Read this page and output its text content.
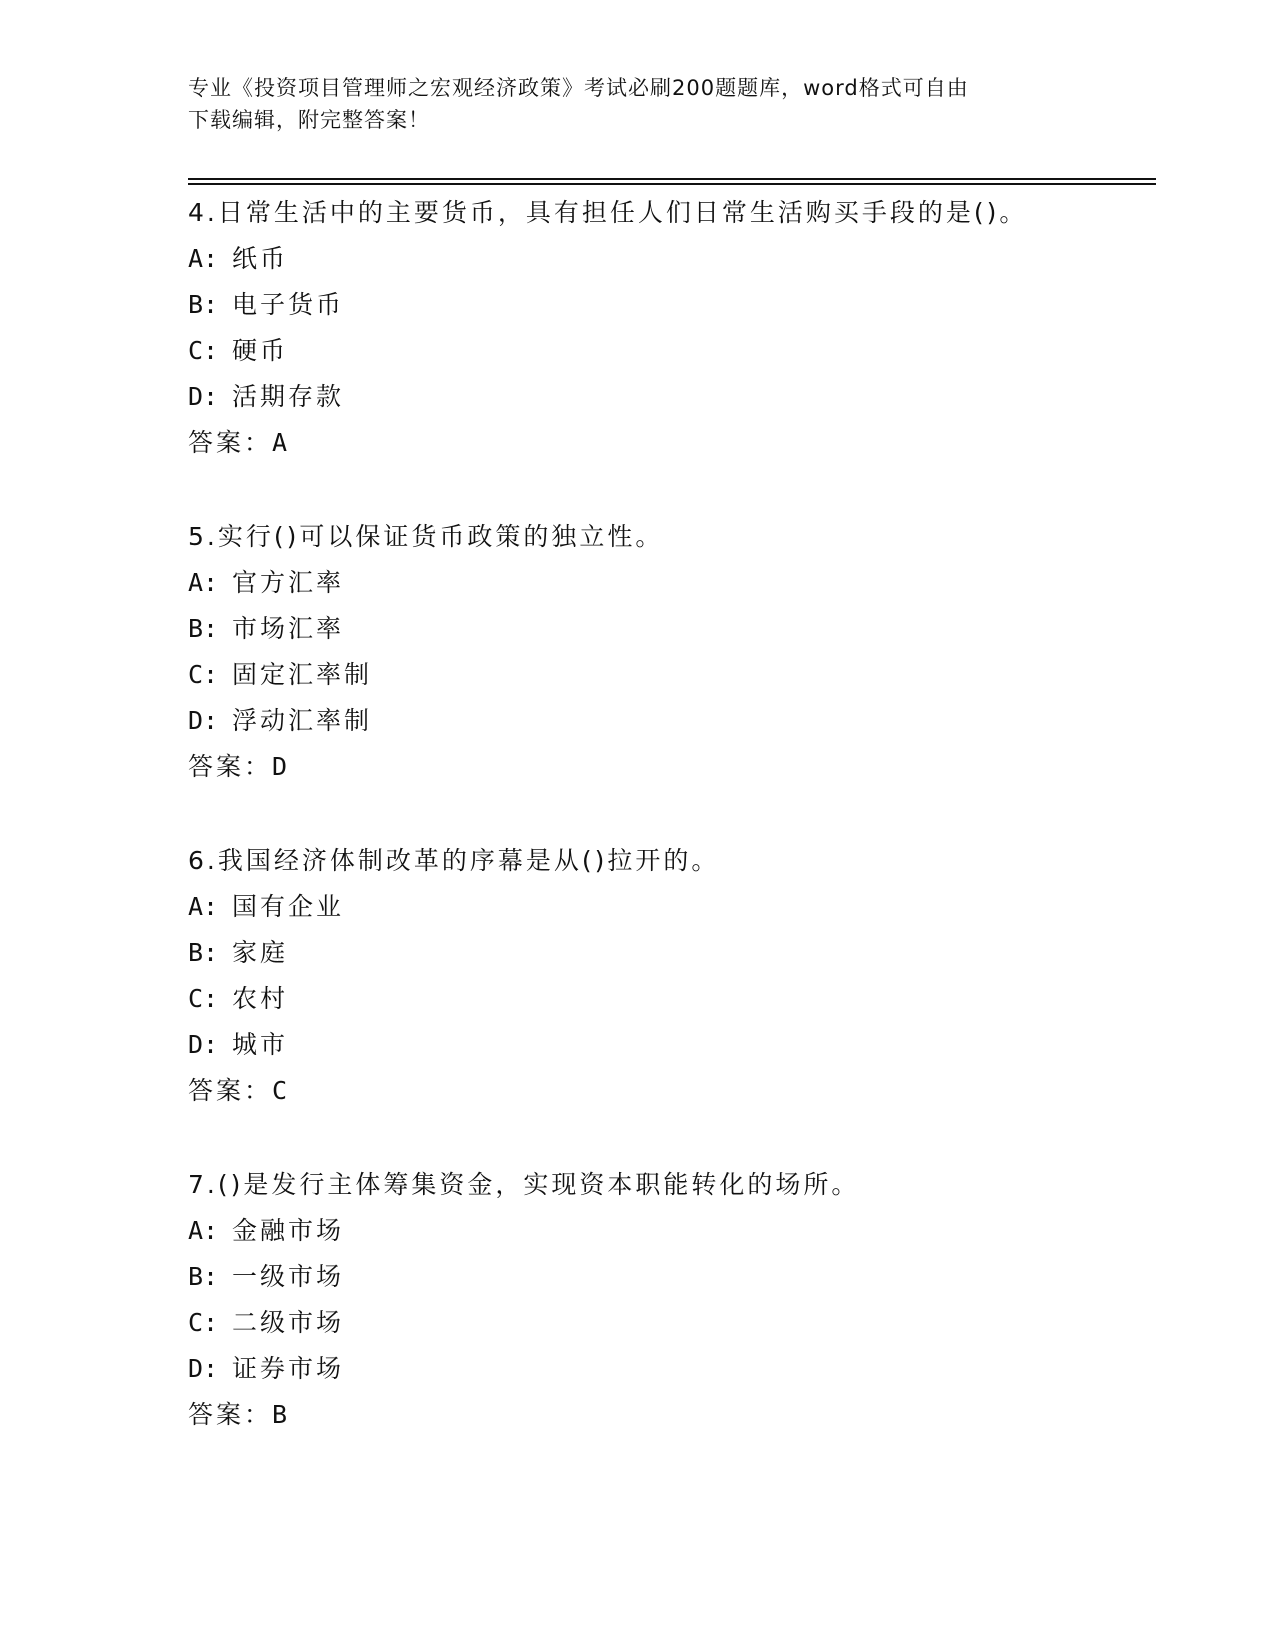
专业《投资项目管理师之宏观经济政策》考试必刷200题题库，word格式可自由
下载编辑，附完整答案！
4.日常生活中的主要货币，具有担任人们日常生活购买手段的是()。
A: 纸币
B: 电子货币
C: 硬币
D: 活期存款
答案：A
5.实行()可以保证货币政策的独立性。
A: 官方汇率
B: 市场汇率
C: 固定汇率制
D: 浮动汇率制
答案：D
6.我国经济体制改革的序幕是从()拉开的。
A: 国有企业
B: 家庭
C: 农村
D: 城市
答案：C
7.()是发行主体筹集资金，实现资本职能转化的场所。
A: 金融市场
B: 一级市场
C: 二级市场
D: 证券市场
答案：B
